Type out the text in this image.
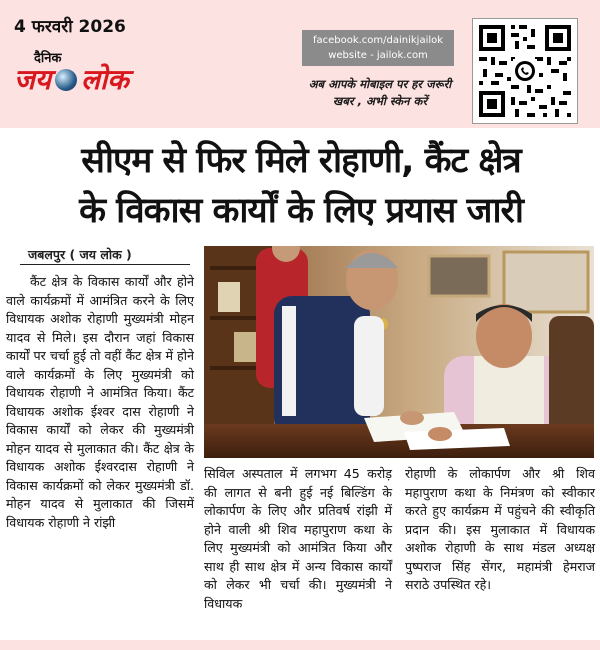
4 फरवरी 2026
दैनिक
जय लोक
facebook.com/dainikjailok
website - jailok.com
अब आपके मोबाइल पर हर जरूरी खबर , अभी स्केन करें
सीएम से फिर मिले रोहाणी, कैंट क्षेत्र
के विकास कार्यों के लिए प्रयास जारी
जबलपुर ( जय लोक )
कैंट क्षेत्र के विकास कार्यों और होने वाले कार्यक्रमों में आमंत्रित करने के लिए विधायक अशोक रोहाणी मुख्यमंत्री मोहन यादव से मिले। इस दौरान जहां विकास कार्यों पर चर्चा हुई तो वहीं कैंट क्षेत्र में होने वाले कार्यक्रमों के लिए मुख्यमंत्री को विधायक रोहाणी ने आमंत्रित किया। कैंट विधायक अशोक ईश्वर दास रोहाणी ने विकास कार्यों को लेकर की मुख्यमंत्री मोहन यादव से मुलाकात की। कैंट क्षेत्र के विधायक अशोक ईश्वरदास रोहाणी ने विकास कार्यक्रमों को लेकर मुख्यमंत्री डॉ. मोहन यादव से मुलाकात की जिसमें विधायक रोहाणी ने रांझी
सिविल अस्पताल में लगभग 45 करोड़ की लागत से बनी हुई नई बिल्डिंग के लोकार्पण के लिए और प्रतिवर्ष रांझी में होने वाली श्री शिव महापुराण कथा के लिए मुख्यमंत्री को आमंत्रित किया और साथ ही साथ क्षेत्र में अन्य विकास कार्यों को लेकर भी चर्चा की। मुख्यमंत्री ने विधायक
रोहाणी के लोकार्पण और श्री शिव महापुराण कथा के निमंत्रण को स्वीकार करते हुए कार्यक्रम में पहुंचने की स्वीकृति प्रदान की। इस मुलाकात में विधायक अशोक रोहाणी के साथ मंडल अध्यक्ष पुष्पराज सिंह सेंगर, महामंत्री हेमराज सराठे उपस्थित रहे।
